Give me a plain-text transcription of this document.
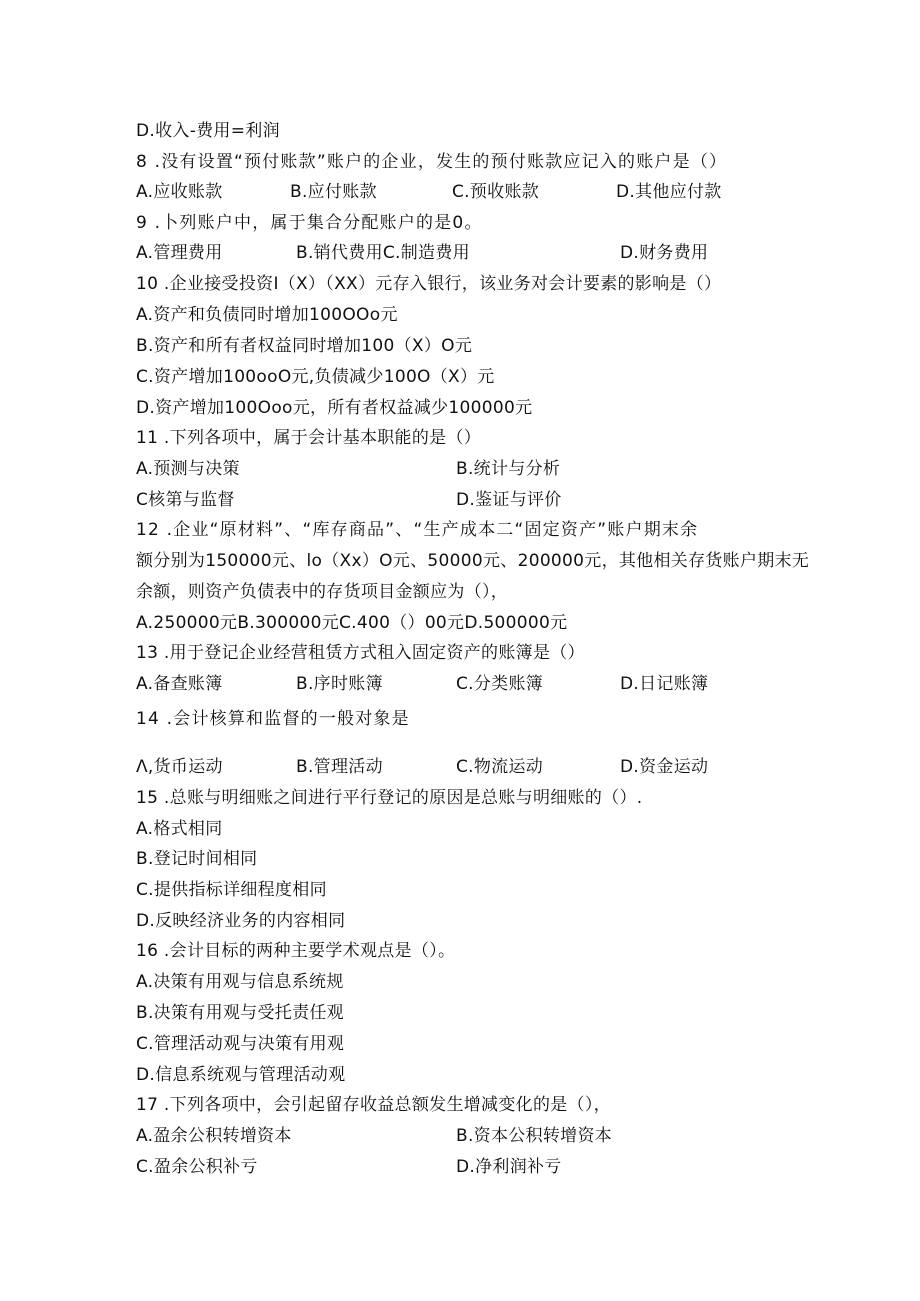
D.收入-费用=利润
8 .没有设置“预付账款”账户的企业，发生的预付账款应记入的账户是（）
A.应收账款	B.应付账款	C.预收账款	D.其他应付款
9 .卜列账户中，属于集合分配账户的是0。
A.管理费用	B.销代费用C.制造费用	D.财务费用
10 .企业接受投资I（X）（XX）元存入银行，该业务对会计要素的影响是（）
A.资产和负债同时增加100OOo元
B.资产和所有者权益同时增加100（X）O元
C.资产增加100ooO元,负债减少100O（X）元
D.资产增加100Ooo元，所有者权益减少100000元
11 .下列各项中，属于会计基本职能的是（）
A.预测与决策	B.统计与分析
C核第与监督	D.鉴证与评价
12 .企业“原材料”、“库存商品”、“生产成本二“固定资产”账户期末余
额分别为150000元、lo（Xx）O元、50000元、200000元，其他相关存货账户期末无
余额，则资产负债表中的存货项目金额应为（），
A.250000元B.300000元C.400（）00元D.500000元
13 .用于登记企业经营租赁方式租入固定资产的账簿是（）
A.备查账簿	B.序时账簿	C.分类账簿	D.日记账簿
14 .会计核算和监督的一般对象是
Λ,货币运动	B.管理活动	C.物流运动	D.资金运动
15 .总账与明细账之间进行平行登记的原因是总账与明细账的（）.
A.格式相同
B.登记时间相同
C.提供指标详细程度相同
D.反映经济业务的内容相同
16 .会计目标的两种主要学术观点是（）。
A.决策有用观与信息系统规
B.决策有用观与受托责任观
C.管理活动观与决策有用观
D.信息系统观与管理活动观
17 .下列各项中，会引起留存收益总额发生增减变化的是（），
A.盈余公积转增资本	B.资本公积转增资本
C.盈余公积补亏	D.净利润补亏
